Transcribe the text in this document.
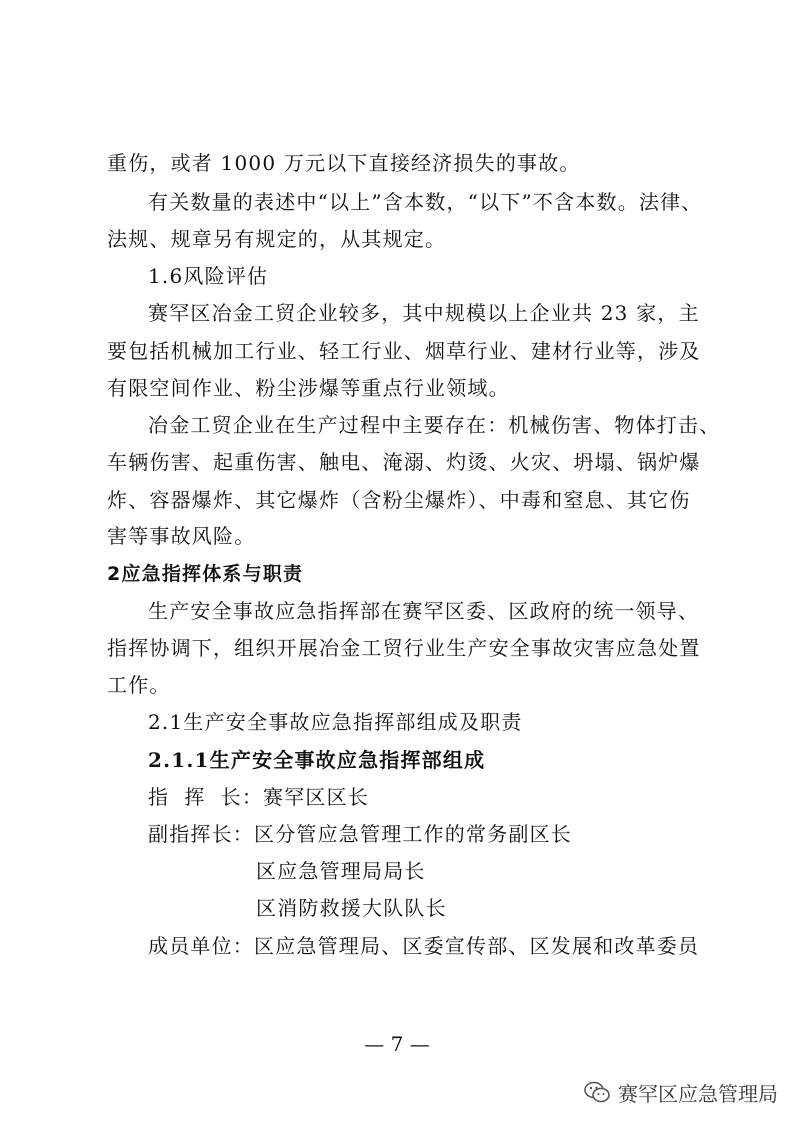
重伤，或者 1000 万元以下直接经济损失的事故。
有关数量的表述中“以上”含本数，“以下”不含本数。法律、
法规、规章另有规定的，从其规定。
1.6风险评估
赛罕区冶金工贸企业较多，其中规模以上企业共 23 家，主
要包括机械加工行业、轻工行业、烟草行业、建材行业等，涉及
有限空间作业、粉尘涉爆等重点行业领域。
冶金工贸企业在生产过程中主要存在：机械伤害、物体打击、
车辆伤害、起重伤害、触电、淹溺、灼烫、火灾、坍塌、锅炉爆
炸、容器爆炸、其它爆炸（含粉尘爆炸）、中毒和窒息、其它伤
害等事故风险。
2应急指挥体系与职责
生产安全事故应急指挥部在赛罕区委、区政府的统一领导、
指挥协调下，组织开展冶金工贸行业生产安全事故灾害应急处置
工作。
2.1生产安全事故应急指挥部组成及职责
2.1.1生产安全事故应急指挥部组成
指  挥  长：赛罕区区长
副指挥长：区分管应急管理工作的常务副区长
区应急管理局局长
区消防救援大队队长
成员单位：区应急管理局、区委宣传部、区发展和改革委员
— 7 —
赛罕区应急管理局
